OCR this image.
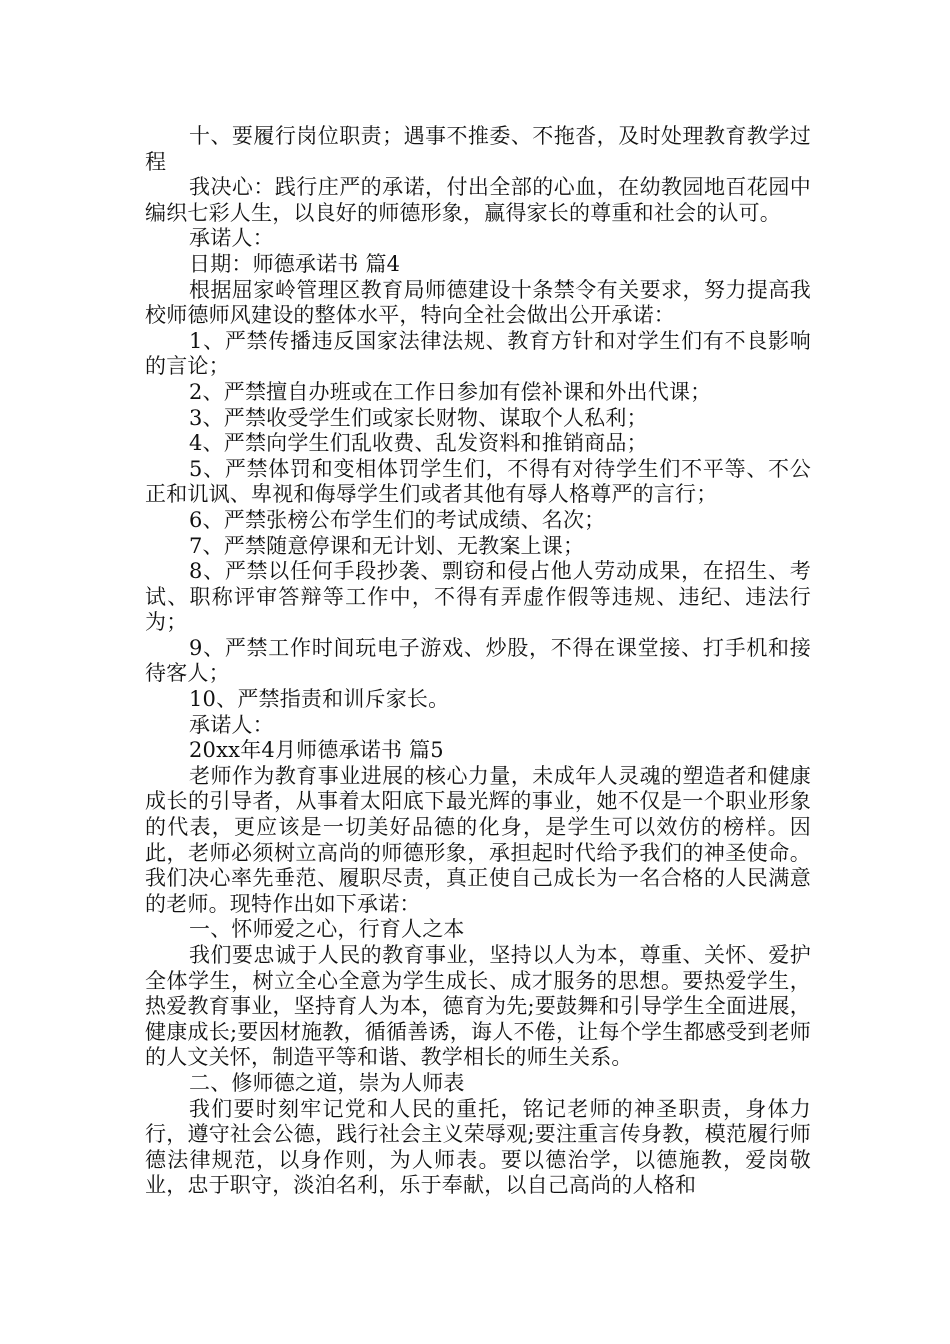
十、要履行岗位职责；遇事不推委、不拖沓，及时处理教育教学过程

我决心：践行庄严的承诺，付出全部的心血，在幼教园地百花园中编织七彩人生，以良好的师德形象，赢得家长的尊重和社会的认可。

承诺人：

日期：师德承诺书 篇4

根据屈家岭管理区教育局师德建设十条禁令有关要求，努力提高我校师德师风建设的整体水平，特向全社会做出公开承诺：

1、严禁传播违反国家法律法规、教育方针和对学生们有不良影响的言论；

2、严禁擅自办班或在工作日参加有偿补课和外出代课；

3、严禁收受学生们或家长财物、谋取个人私利；

4、严禁向学生们乱收费、乱发资料和推销商品；

5、严禁体罚和变相体罚学生们，不得有对待学生们不平等、不公正和讥讽、卑视和侮辱学生们或者其他有辱人格尊严的言行；

6、严禁张榜公布学生们的考试成绩、名次；

7、严禁随意停课和无计划、无教案上课；

8、严禁以任何手段抄袭、剽窃和侵占他人劳动成果，在招生、考试、职称评审答辩等工作中，不得有弄虚作假等违规、违纪、违法行为；

9、严禁工作时间玩电子游戏、炒股，不得在课堂接、打手机和接待客人；

10、严禁指责和训斥家长。

承诺人：

20xx年4月师德承诺书 篇5

老师作为教育事业进展的核心力量，未成年人灵魂的塑造者和健康成长的引导者，从事着太阳底下最光辉的事业，她不仅是一个职业形象的代表，更应该是一切美好品德的化身，是学生可以效仿的榜样。因此，老师必须树立高尚的师德形象，承担起时代给予我们的神圣使命。我们决心率先垂范、履职尽责，真正使自己成长为一名合格的人民满意的老师。现特作出如下承诺：

一、怀师爱之心，行育人之本

我们要忠诚于人民的教育事业，坚持以人为本，尊重、关怀、爱护全体学生，树立全心全意为学生成长、成才服务的思想。要热爱学生，热爱教育事业，坚持育人为本，德育为先;要鼓舞和引导学生全面进展，健康成长;要因材施教，循循善诱，诲人不倦，让每个学生都感受到老师的人文关怀，制造平等和谐、教学相长的师生关系。

二、修师德之道，崇为人师表

我们要时刻牢记党和人民的重托，铭记老师的神圣职责，身体力行，遵守社会公德，践行社会主义荣辱观;要注重言传身教，模范履行师德法律规范，以身作则，为人师表。要以德治学，以德施教，爱岗敬业，忠于职守，淡泊名利，乐于奉献，以自己高尚的人格和
